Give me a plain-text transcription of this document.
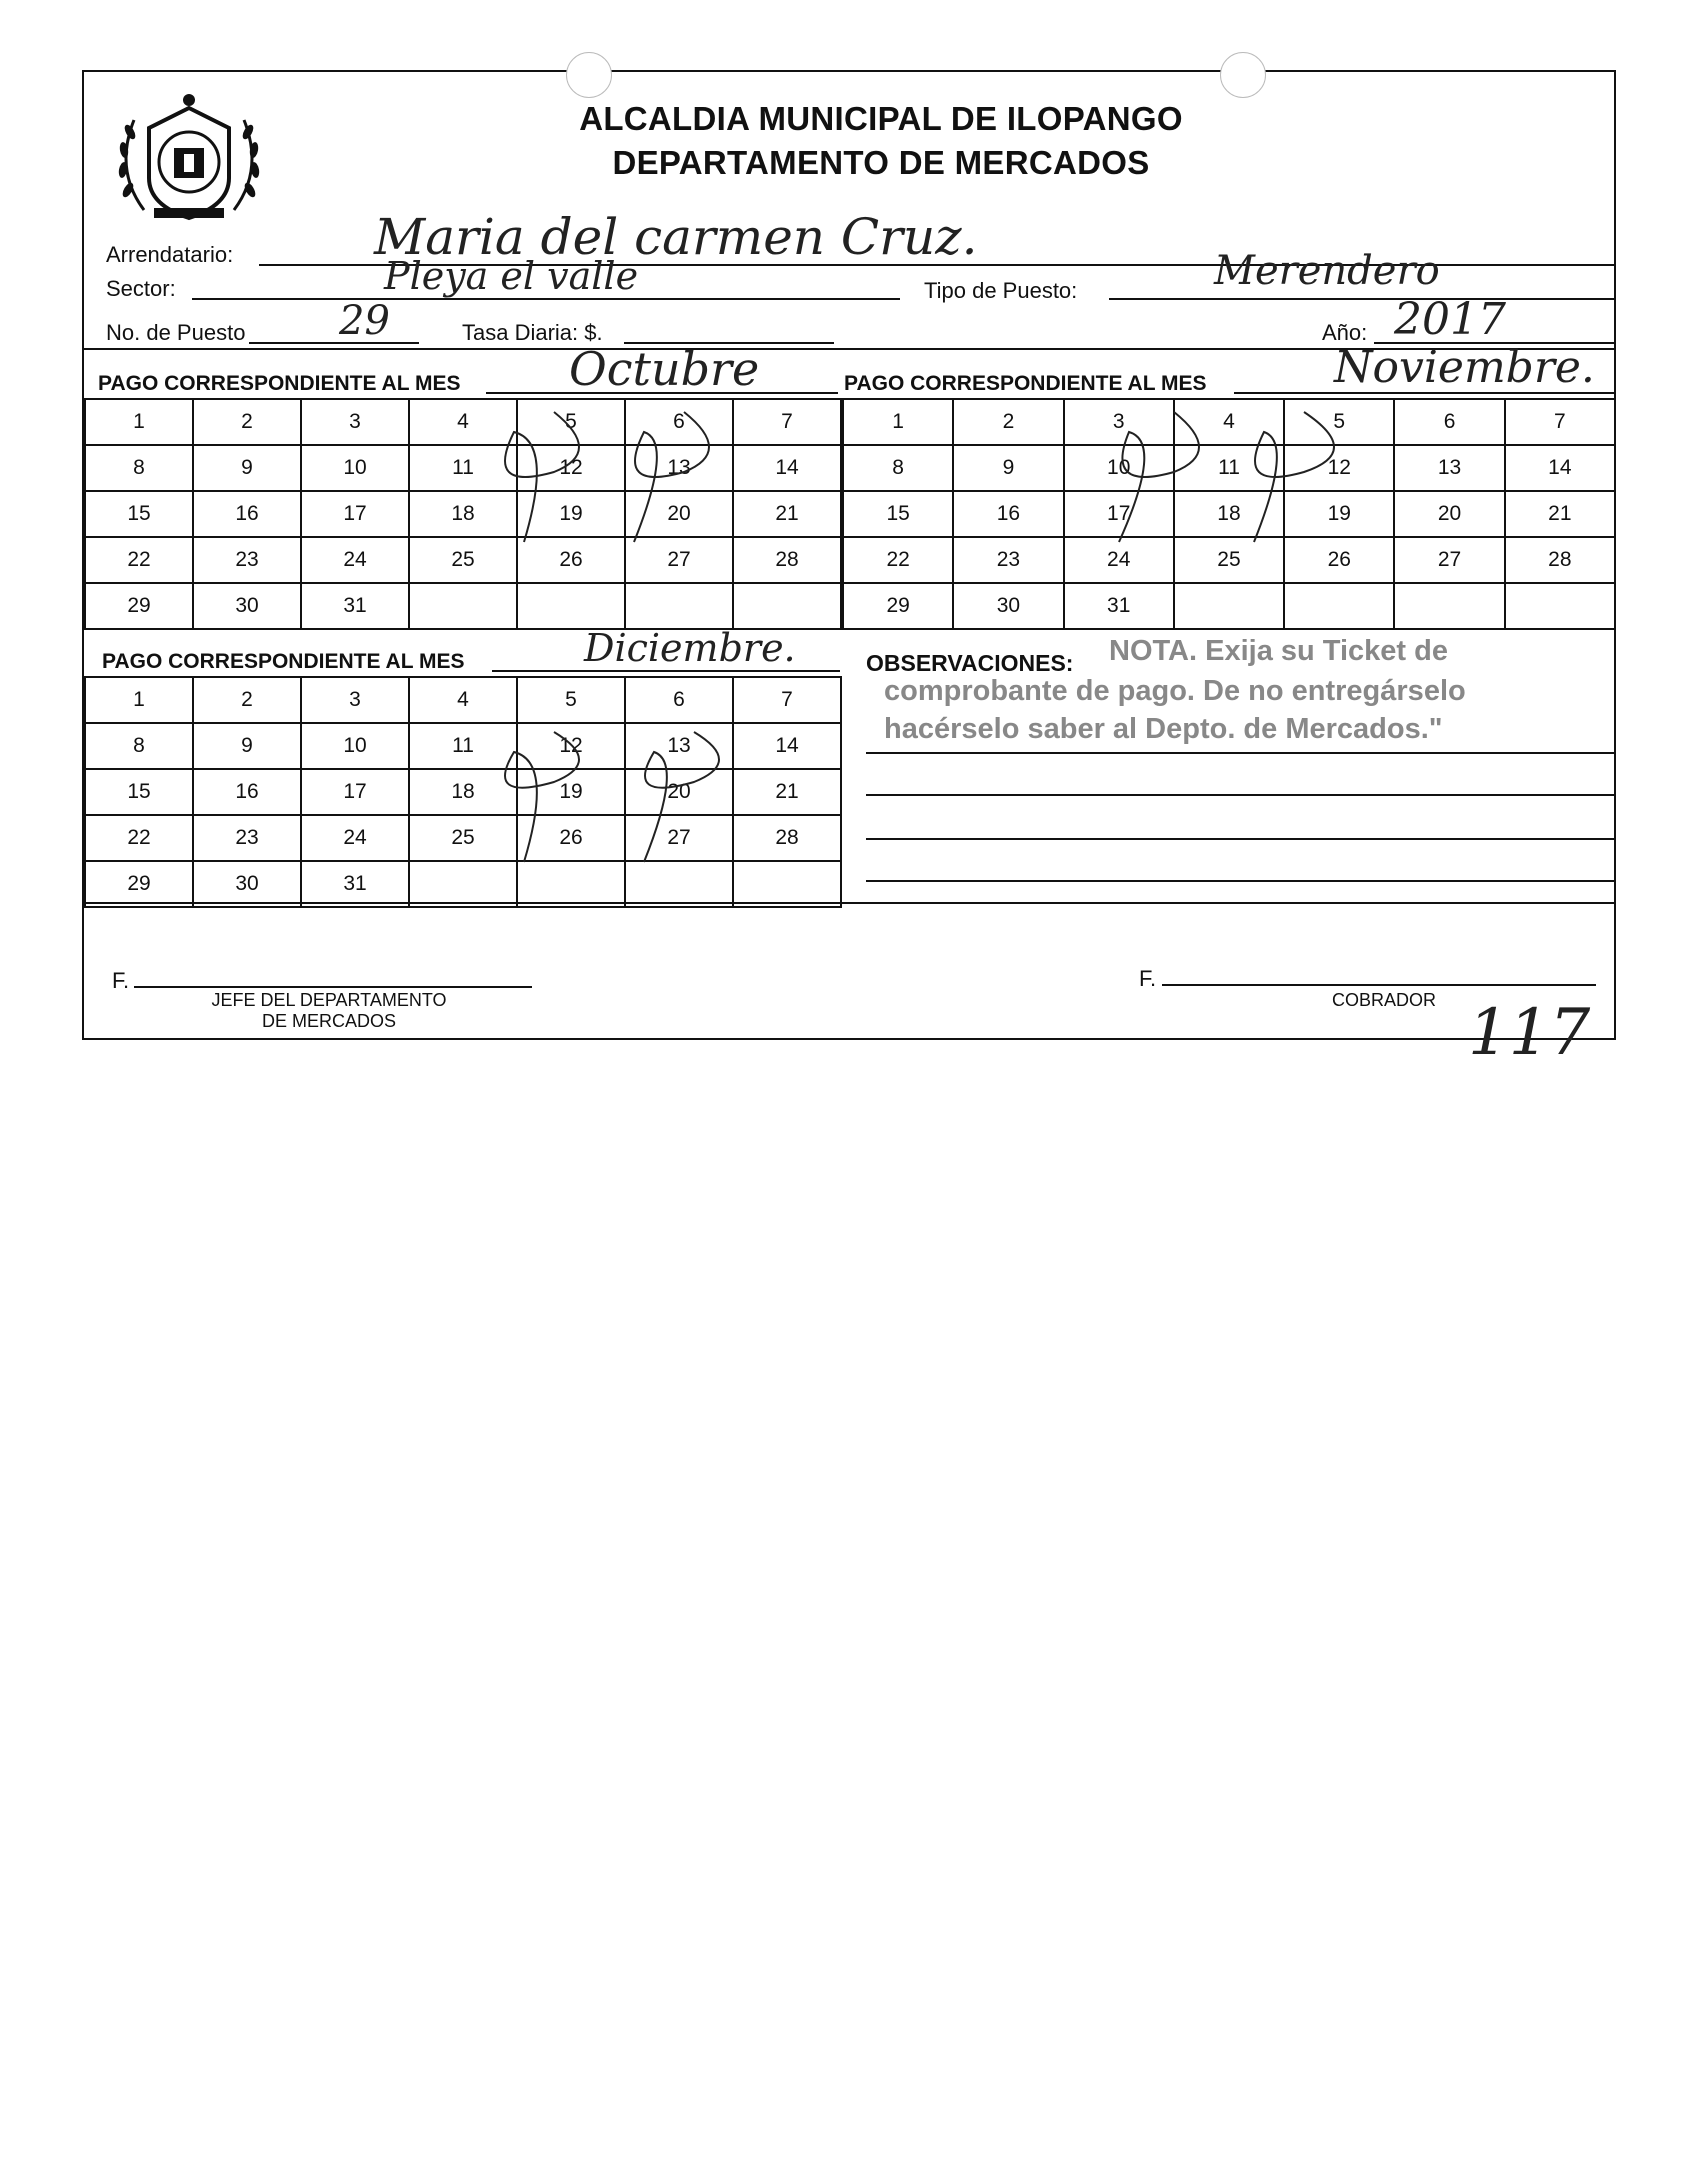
ALCALDIA MUNICIPAL DE ILOPANGO
DEPARTAMENTO DE MERCADOS
Arrendatario:	Maria del carmen Cruz.
Sector:	Pleya el valle	Tipo de Puesto:	Merendero
No. de Puesto 29	Tasa Diaria: $.	Año: 2017
PAGO CORRESPONDIENTE AL MES Octubre	PAGO CORRESPONDIENTE AL MES	Noviembre.
1	2	3	4	5	6	7
8	9	10	11	12	13	14
15	16	17	18	19	20	21
22	23	24	25	26	27	28
29	30	31				
1	2	3	4	5	6	7
8	9	10	11	12	13	14
15	16	17	18	19	20	21
22	23	24	25	26	27	28
29	30	31				
PAGO CORRESPONDIENTE AL MES	Diciembre.
1	2	3	4	5	6	7
8	9	10	11	12	13	14
15	16	17	18	19	20	21
22	23	24	25	26	27	28
29	30	31				
OBSERVACIONES: NOTA. Exija su Ticket de
comprobante de pago. De no entregárselo
hacérselo saber al Depto. de Mercados."
F.
JEFE DEL DEPARTAMENTO
DE MERCADOS
F.
COBRADOR 117
